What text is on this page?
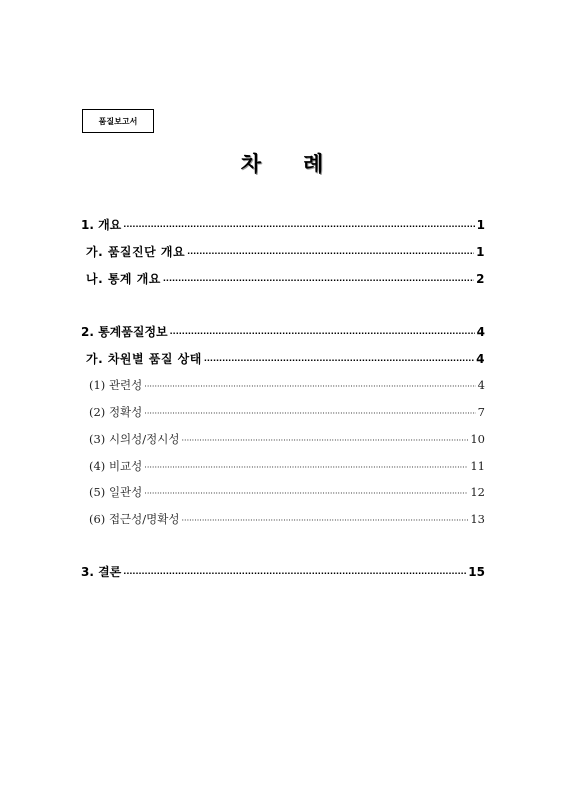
품질보고서
차 례
1. 개요 ·····	1
가. 품질진단 개요 ·····	1
나. 통계 개요 ·····	2
2. 통계품질정보 ·····	4
가. 차원별 품질 상태 ·····	4
(1) 관련성 ·····	4
(2) 정확성 ·····	7
(3) 시의성/정시성 ·····	10
(4) 비교성 ·····	11
(5) 일관성 ·····	12
(6) 접근성/명확성 ·····	13
3. 결론 ·····	15
